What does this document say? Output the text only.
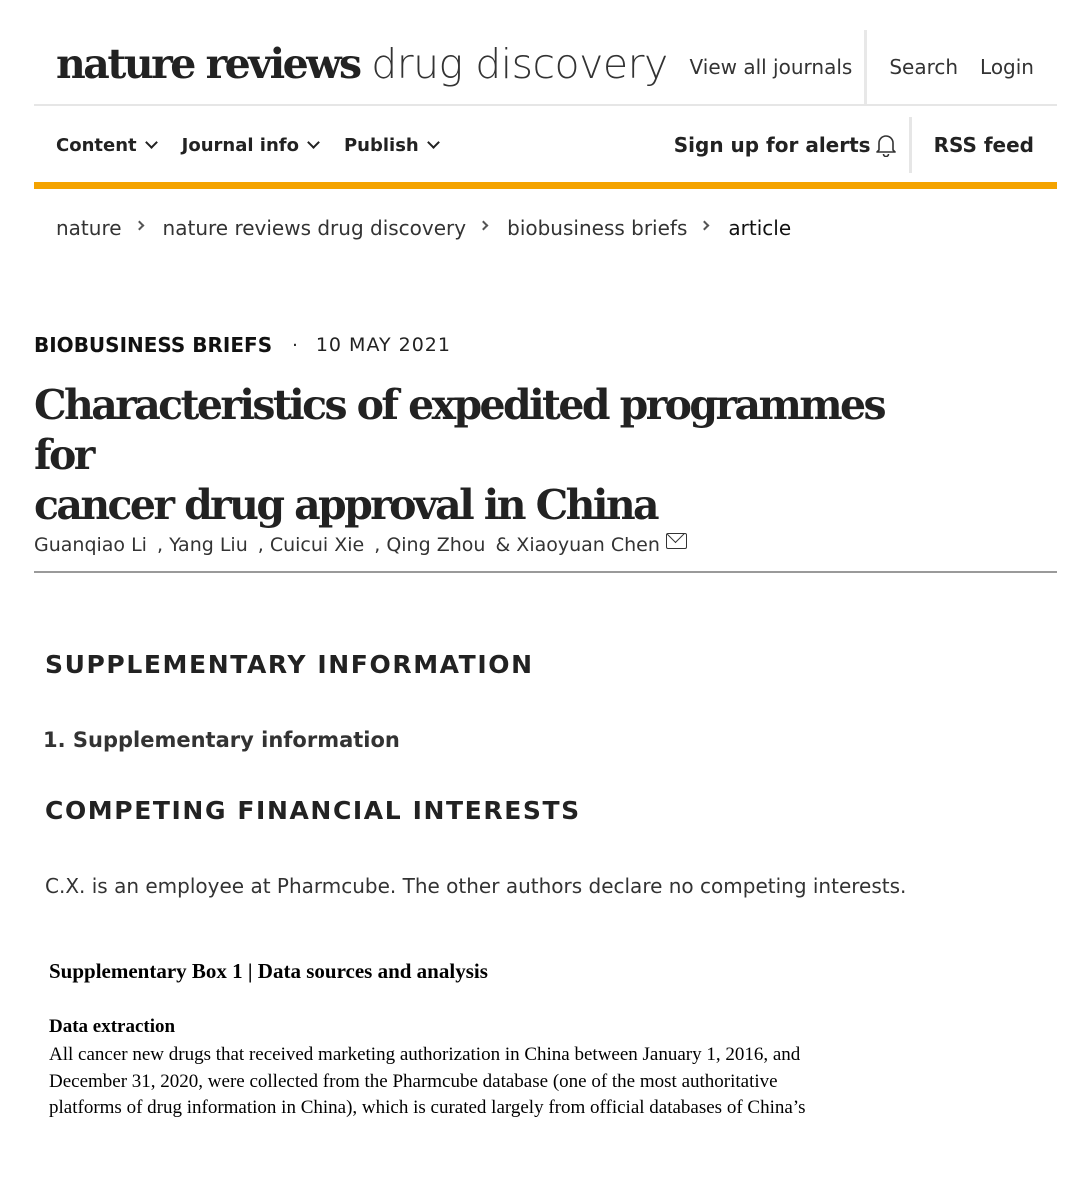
nature reviews drug discovery	View all journals	Search	Login
Content	Journal info	Publish	Sign up for alerts	RSS feed
nature nature reviews drug discovery biobusiness briefs article
BIOBUSINESS BRIEFS · 10 MAY 2021
Characteristics of expedited programmes for
cancer drug approval in China
Guanqiao Li , Yang Liu , Cuicui Xie , Qing Zhou & Xiaoyuan Chen
SUPPLEMENTARY INFORMATION
1. Supplementary information
COMPETING FINANCIAL INTERESTS

C.X. is an employee at Pharmcube. The other authors declare no competing interests.

Supplementary Box 1 | Data sources and analysis
Data extraction
All cancer new drugs that received marketing authorization in China between January 1, 2016, and
December 31, 2020, were collected from the Pharmcube database (one of the most authoritative
platforms of drug information in China), which is curated largely from official databases of China’s
